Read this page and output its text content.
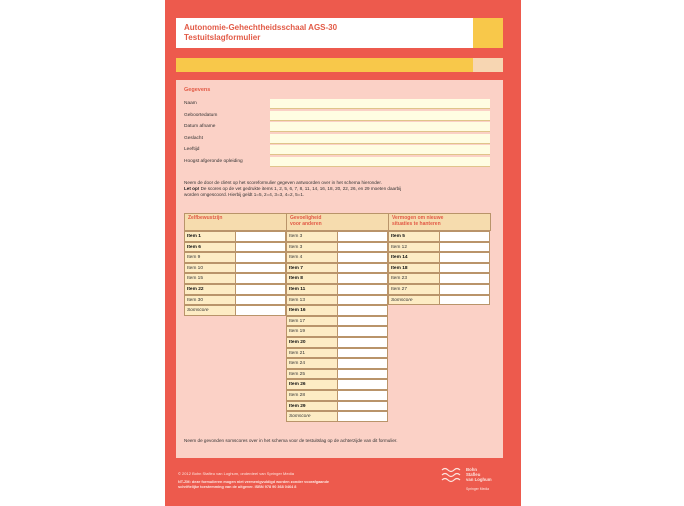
Autonomie-Gehechtheidsschaal AGS-30
Testuitslagformulier
Gegevens
Naam
Geboortedatum
Datum afname
Geslacht
Leeftijd
Hoogst afgeronde opleiding
Neem de door de cliënt op het scoreformulier gegeven antwoorden over in het schema hieronder.
Let op! De scores op de vet gedrukte items 1, 2, 5, 6, 7, 8, 11, 14, 16, 18, 20, 22, 26, en 29 moeten daarbij
worden omgescoord. Hierbij geldt 1=5, 2=4, 3=3, 4=2, 5=1.
Zelfbewustzijn
Item 1
Item 6
Item 9
Item 10
Item 15
Item 22
Item 30
Somscore
Gevoeligheid
voor anderen
Item 3
Item 3
Item 4
Item 7
Item 8
Item 11
Item 13
Item 16
Item 17
Item 19
Item 20
Item 21
Item 24
Item 25
Item 26
Item 28
Item 29
Somscore
Vermogen om nieuwe
situaties te hanteren
Item 5
Item 12
Item 14
Item 18
Item 23
Item 27
Somscore
Neem de gevonden somscores over in het schema voor de testuitslag op de achterzijde van dit formulier.
© 2012 Bohn Stafleu van Loghum, onderdeel van Springer Media
NT-ZM: deze formulieren mogen niet vermenigvuldigd worden zonder voorafgaande
schriftelijke toestemming van de uitgever. ISBN 978 90 368 0464 8
Bohn
Stafleu
van Loghum
Springer Media
